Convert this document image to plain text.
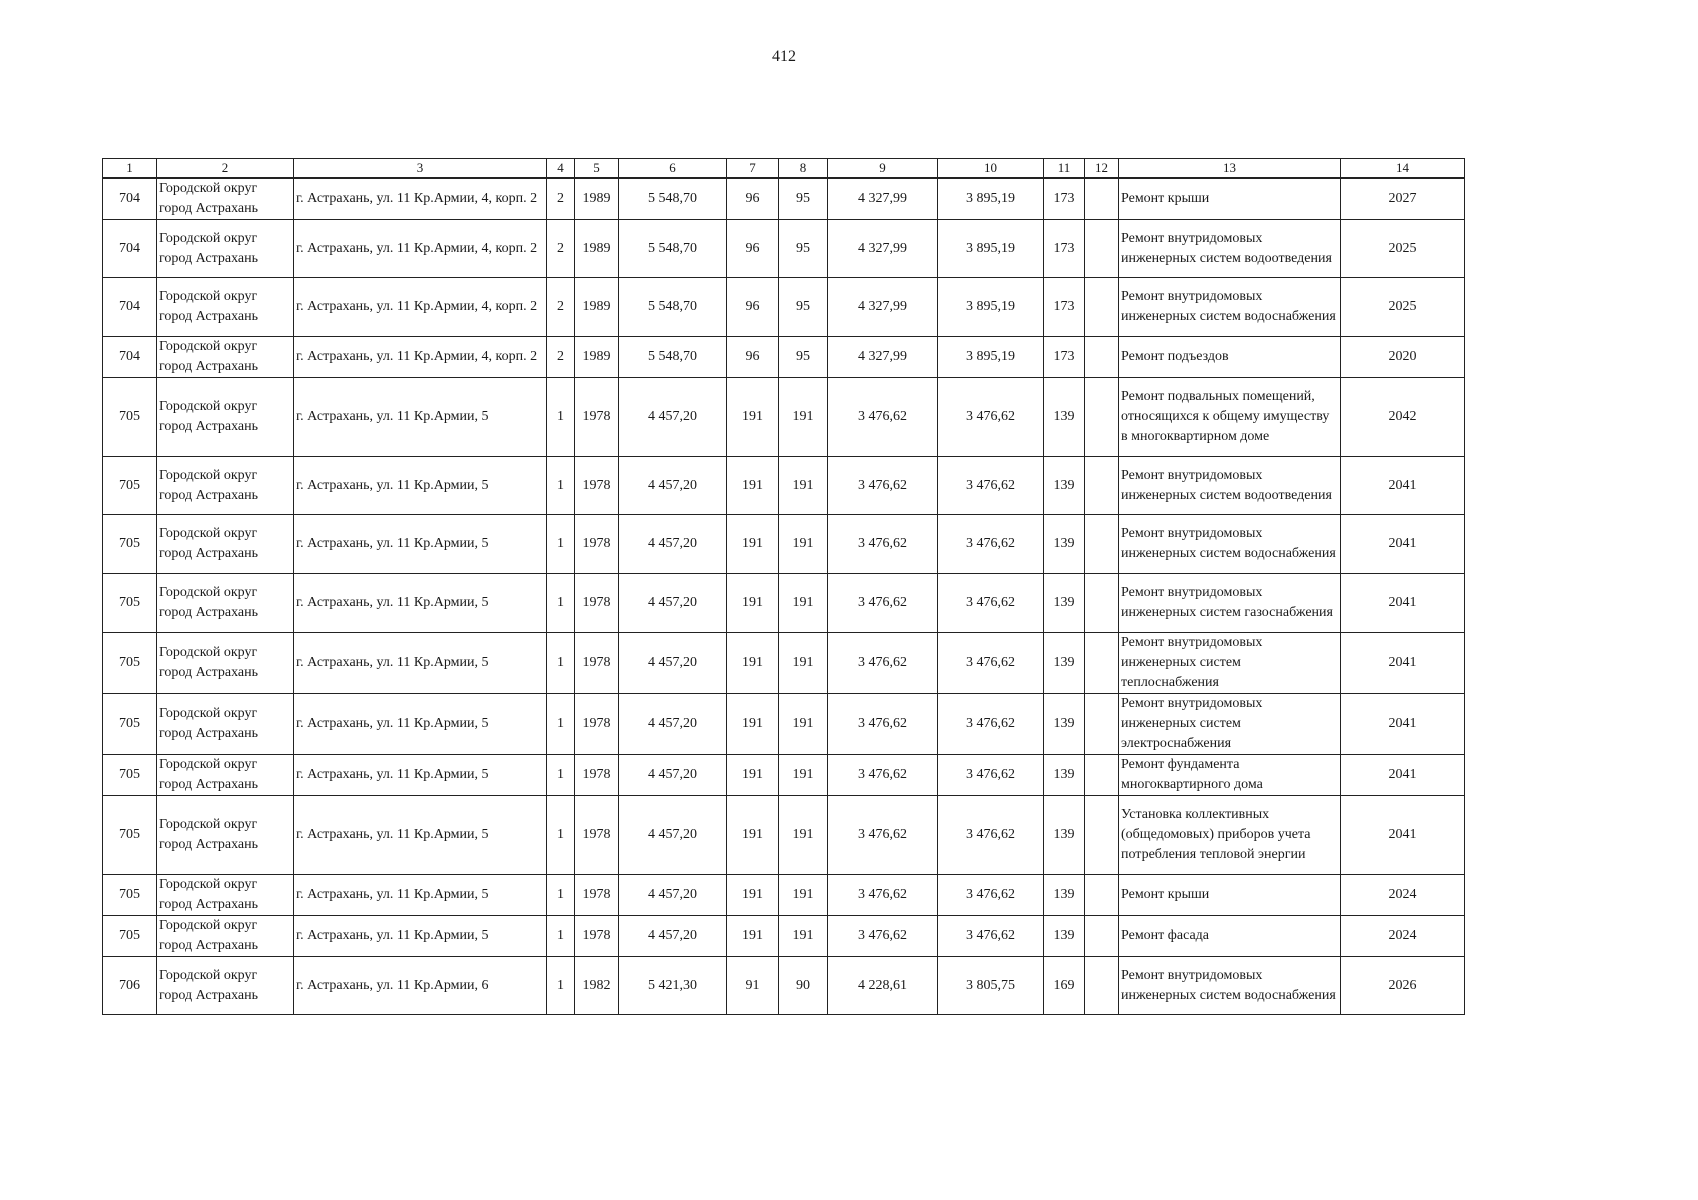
412
1	2	3	4	5	6	7	8	9	10	11	12	13	14
704	Городской округ город Астрахань	г. Астрахань, ул. 11 Кр.Армии, 4, корп. 2	2	1989	5 548,70	96	95	4 327,99	3 895,19	173		Ремонт крыши	2027
704	Городской округ город Астрахань	г. Астрахань, ул. 11 Кр.Армии, 4, корп. 2	2	1989	5 548,70	96	95	4 327,99	3 895,19	173		Ремонт внутридомовых инженерных систем водоотведения	2025
704	Городской округ город Астрахань	г. Астрахань, ул. 11 Кр.Армии, 4, корп. 2	2	1989	5 548,70	96	95	4 327,99	3 895,19	173		Ремонт внутридомовых инженерных систем водоснабжения	2025
704	Городской округ город Астрахань	г. Астрахань, ул. 11 Кр.Армии, 4, корп. 2	2	1989	5 548,70	96	95	4 327,99	3 895,19	173		Ремонт подъездов	2020
705	Городской округ город Астрахань	г. Астрахань, ул. 11 Кр.Армии, 5	1	1978	4 457,20	191	191	3 476,62	3 476,62	139		Ремонт подвальных помещений, относящихся к общему имуществу в многоквартирном доме	2042
705	Городской округ город Астрахань	г. Астрахань, ул. 11 Кр.Армии, 5	1	1978	4 457,20	191	191	3 476,62	3 476,62	139		Ремонт внутридомовых инженерных систем водоотведения	2041
705	Городской округ город Астрахань	г. Астрахань, ул. 11 Кр.Армии, 5	1	1978	4 457,20	191	191	3 476,62	3 476,62	139		Ремонт внутридомовых инженерных систем водоснабжения	2041
705	Городской округ город Астрахань	г. Астрахань, ул. 11 Кр.Армии, 5	1	1978	4 457,20	191	191	3 476,62	3 476,62	139		Ремонт внутридомовых инженерных систем газоснабжения	2041
705	Городской округ город Астрахань	г. Астрахань, ул. 11 Кр.Армии, 5	1	1978	4 457,20	191	191	3 476,62	3 476,62	139		Ремонт внутридомовых инженерных систем теплоснабжения	2041
705	Городской округ город Астрахань	г. Астрахань, ул. 11 Кр.Армии, 5	1	1978	4 457,20	191	191	3 476,62	3 476,62	139		Ремонт внутридомовых инженерных систем электроснабжения	2041
705	Городской округ город Астрахань	г. Астрахань, ул. 11 Кр.Армии, 5	1	1978	4 457,20	191	191	3 476,62	3 476,62	139		Ремонт фундамента многоквартирного дома	2041
705	Городской округ город Астрахань	г. Астрахань, ул. 11 Кр.Армии, 5	1	1978	4 457,20	191	191	3 476,62	3 476,62	139		Установка коллективных (общедомовых) приборов учета потребления тепловой энергии	2041
705	Городской округ город Астрахань	г. Астрахань, ул. 11 Кр.Армии, 5	1	1978	4 457,20	191	191	3 476,62	3 476,62	139		Ремонт крыши	2024
705	Городской округ город Астрахань	г. Астрахань, ул. 11 Кр.Армии, 5	1	1978	4 457,20	191	191	3 476,62	3 476,62	139		Ремонт фасада	2024
706	Городской округ город Астрахань	г. Астрахань, ул. 11 Кр.Армии, 6	1	1982	5 421,30	91	90	4 228,61	3 805,75	169		Ремонт внутридомовых инженерных систем водоснабжения	2026
